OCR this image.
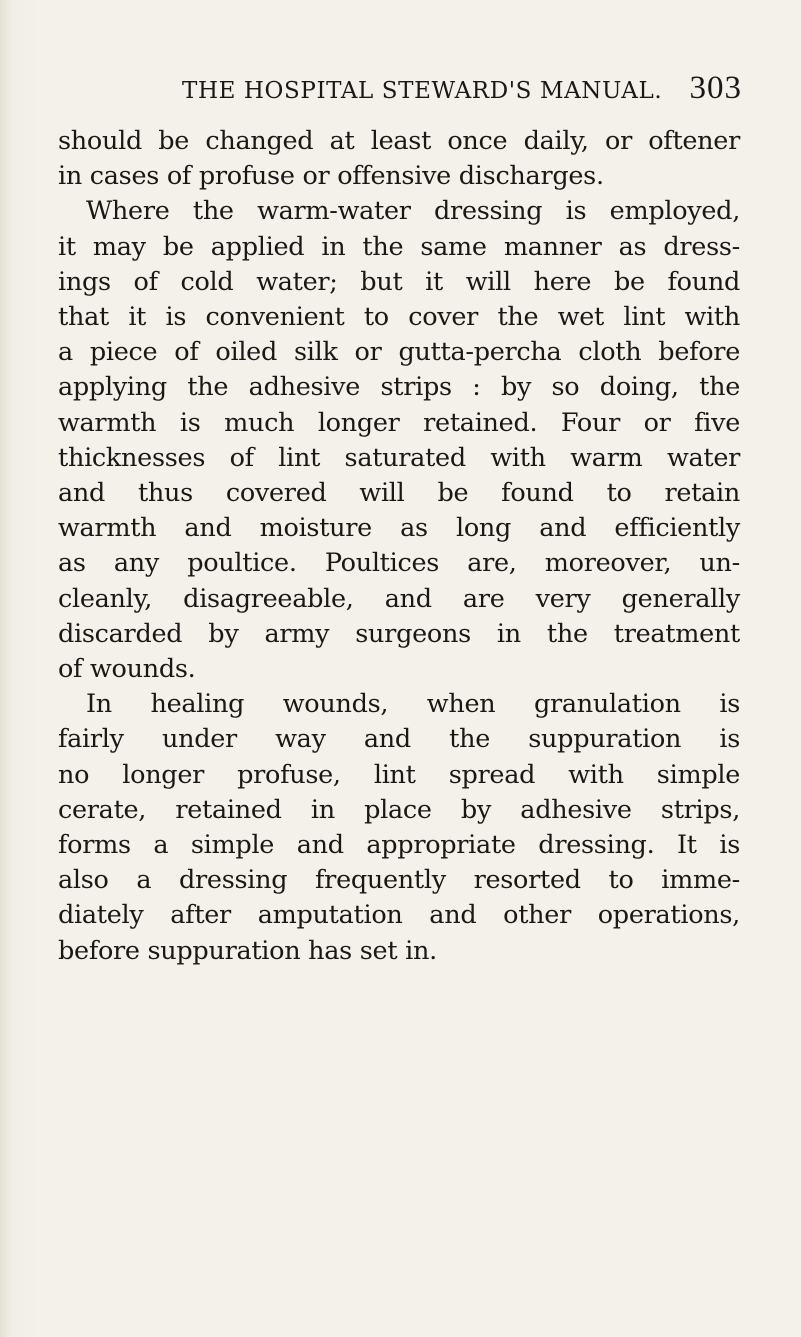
THE HOSPITAL STEWARD'S MANUAL. 303
should be changed at least once daily, or oftener
in cases of profuse or offensive discharges.
Where the warm-water dressing is employed,
it may be applied in the same manner as dress-
ings of cold water; but it will here be found
that it is convenient to cover the wet lint with
a piece of oiled silk or gutta-percha cloth before
applying the adhesive strips : by so doing, the
warmth is much longer retained. Four or five
thicknesses of lint saturated with warm water
and thus covered will be found to retain
warmth and moisture as long and efficiently
as any poultice. Poultices are, moreover, un-
cleanly, disagreeable, and are very generally
discarded by army surgeons in the treatment
of wounds.
In healing wounds, when granulation is
fairly under way and the suppuration is
no longer profuse, lint spread with simple
cerate, retained in place by adhesive strips,
forms a simple and appropriate dressing. It is
also a dressing frequently resorted to imme-
diately after amputation and other operations,
before suppuration has set in.
